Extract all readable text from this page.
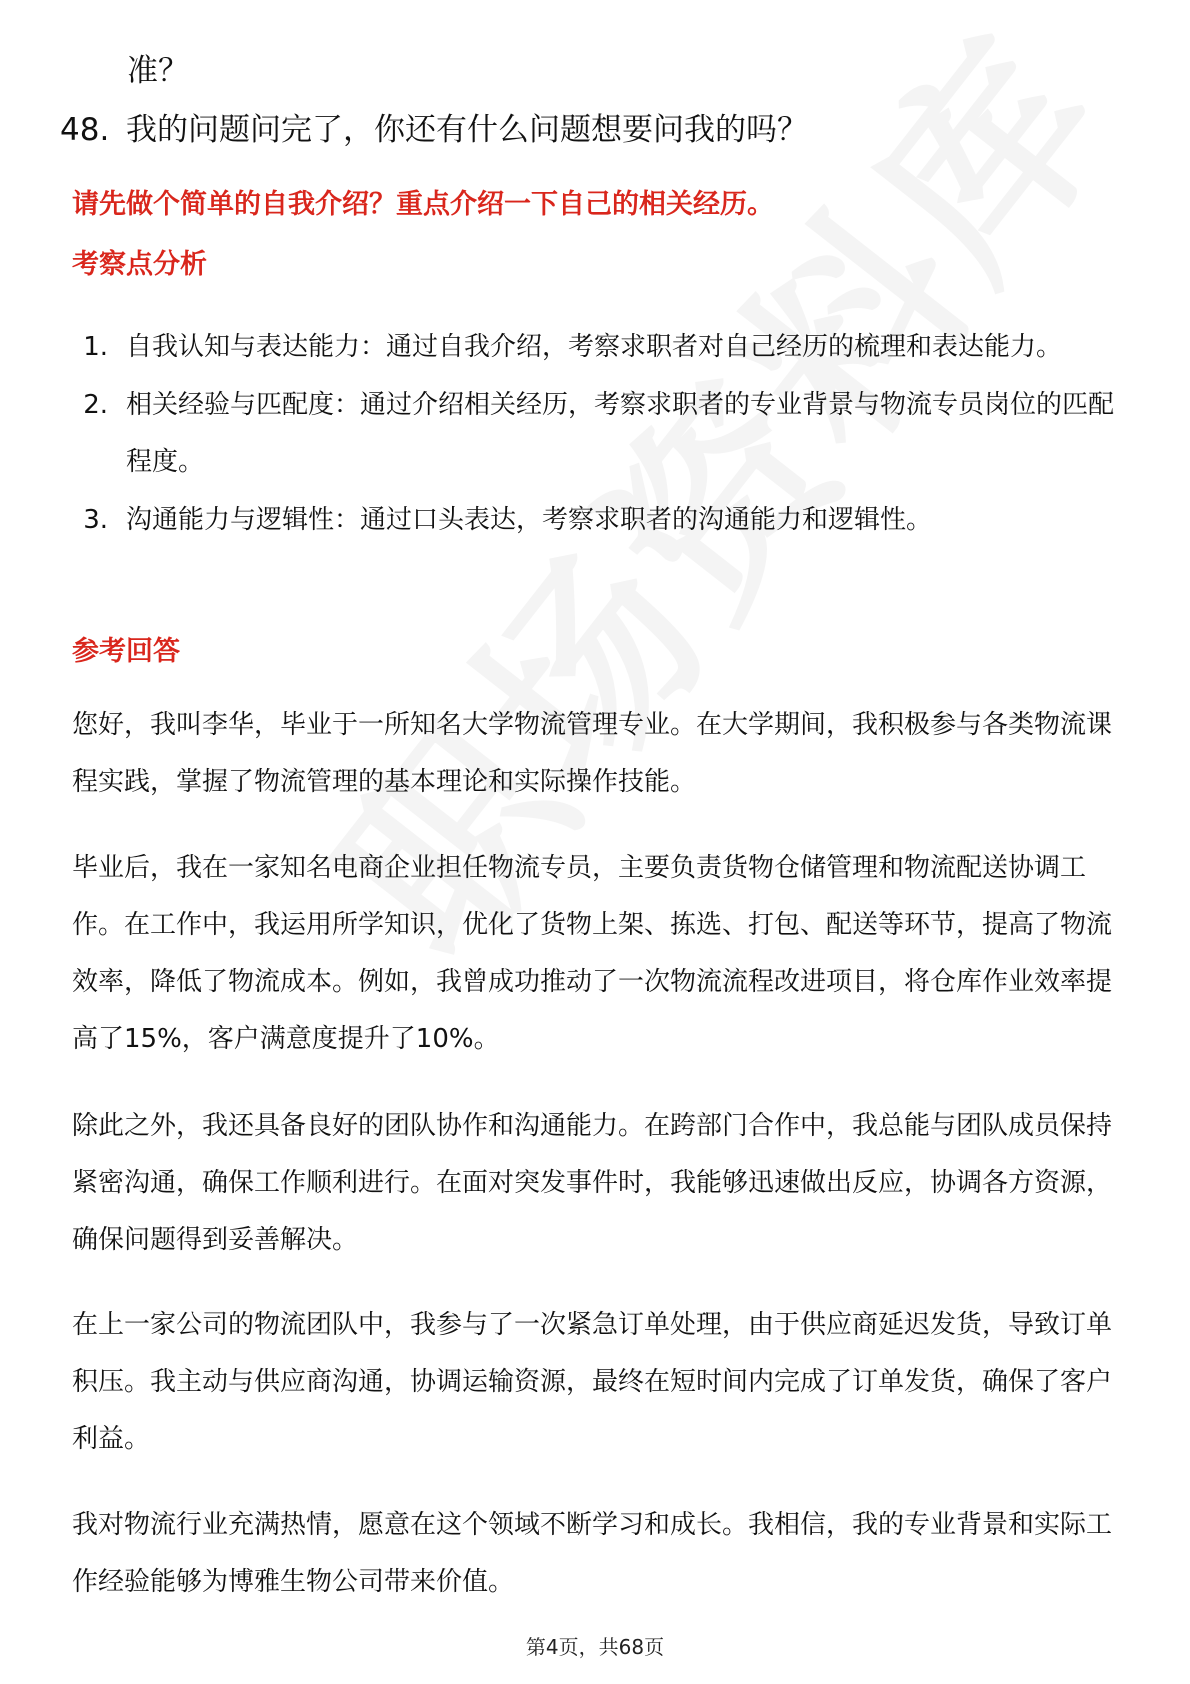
准？
48. 我的问题问完了，你还有什么问题想要问我的吗？
请先做个简单的自我介绍？重点介绍一下自己的相关经历。
考察点分析
1. 自我认知与表达能力：通过自我介绍，考察求职者对自己经历的梳理和表达能力。
2. 相关经验与匹配度：通过介绍相关经历，考察求职者的专业背景与物流专员岗位的匹配程度。
3. 沟通能力与逻辑性：通过口头表达，考察求职者的沟通能力和逻辑性。
参考回答

您好，我叫李华，毕业于一所知名大学物流管理专业。在大学期间，我积极参与各类物流课程实践，掌握了物流管理的基本理论和实际操作技能。

毕业后，我在一家知名电商企业担任物流专员，主要负责货物仓储管理和物流配送协调工作。在工作中，我运用所学知识，优化了货物上架、拣选、打包、配送等环节，提高了物流效率，降低了物流成本。例如，我曾成功推动了一次物流流程改进项目，将仓库作业效率提高了15%，客户满意度提升了10%。

除此之外，我还具备良好的团队协作和沟通能力。在跨部门合作中，我总能与团队成员保持紧密沟通，确保工作顺利进行。在面对突发事件时，我能够迅速做出反应，协调各方资源，确保问题得到妥善解决。

在上一家公司的物流团队中，我参与了一次紧急订单处理，由于供应商延迟发货，导致订单积压。我主动与供应商沟通，协调运输资源，最终在短时间内完成了订单发货，确保了客户利益。

我对物流行业充满热情，愿意在这个领域不断学习和成长。我相信，我的专业背景和实际工作经验能够为博雅生物公司带来价值。

第4页，共68页
